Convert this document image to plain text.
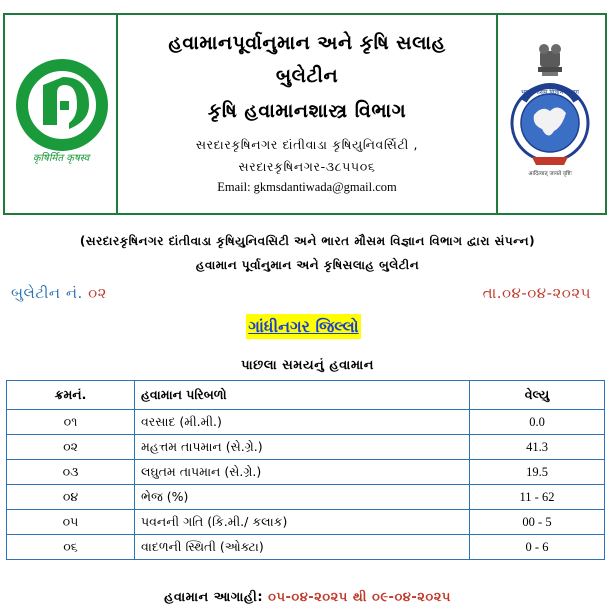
कृषिर्मित कृषस्व
હવામાનપૂર્વાનુમાન અને કૃષિ સલાહ
બુલેટીન
કૃષિ હવામાનશાસ્ત્ર વિભાગ
સરદારકૃષિનગર દાંતીવાડા કૃષિયુનિવર્સિટી , સરદારકૃષિનગર-૩૮૫૫૦૬
Email: gkmsdantiwada@gmail.com
भारत मौसम विज्ञान विभाग
आदित्यात् जायते वृष्टिः
(સરદારકૃષિનગર દાંતીવાડા કૃષિયુનિવસિટી અને ભારત મૌસમ વિજ્ઞાન વિભાગ દ્વારા સંપન્ન)
હવામાન પૂર્વાનુમાન અને કૃષિસલાહ બુલેટીન
બુલેટીન નં. ૦૨	તા.૦૪-૦૪-૨૦૨૫
ગાંધીનગર જિલ્લો
પાછલા સમયનું હવામાન
ક્રમનં.	હવામાન પરિબળો	વેલ્યુ
૦૧	વરસાદ (મી.મી.)	0.0
૦૨	મહત્તમ તાપમાન (સે.ગ્રે.)	41.3
૦૩	લઘુતમ તાપમાન (સે.ગ્રે.)	19.5
૦૪	ભેજ (%)	11 - 62
૦૫	પવનની ગતિ (કિ.મી./ કલાક)	00 - 5
૦૬	વાદળની સ્થિતી (ઓક્ટા)	0 - 6
હવામાન આગાહી: ૦૫-૦૪-૨૦૨૫ થી ૦૯-૦૪-૨૦૨૫
